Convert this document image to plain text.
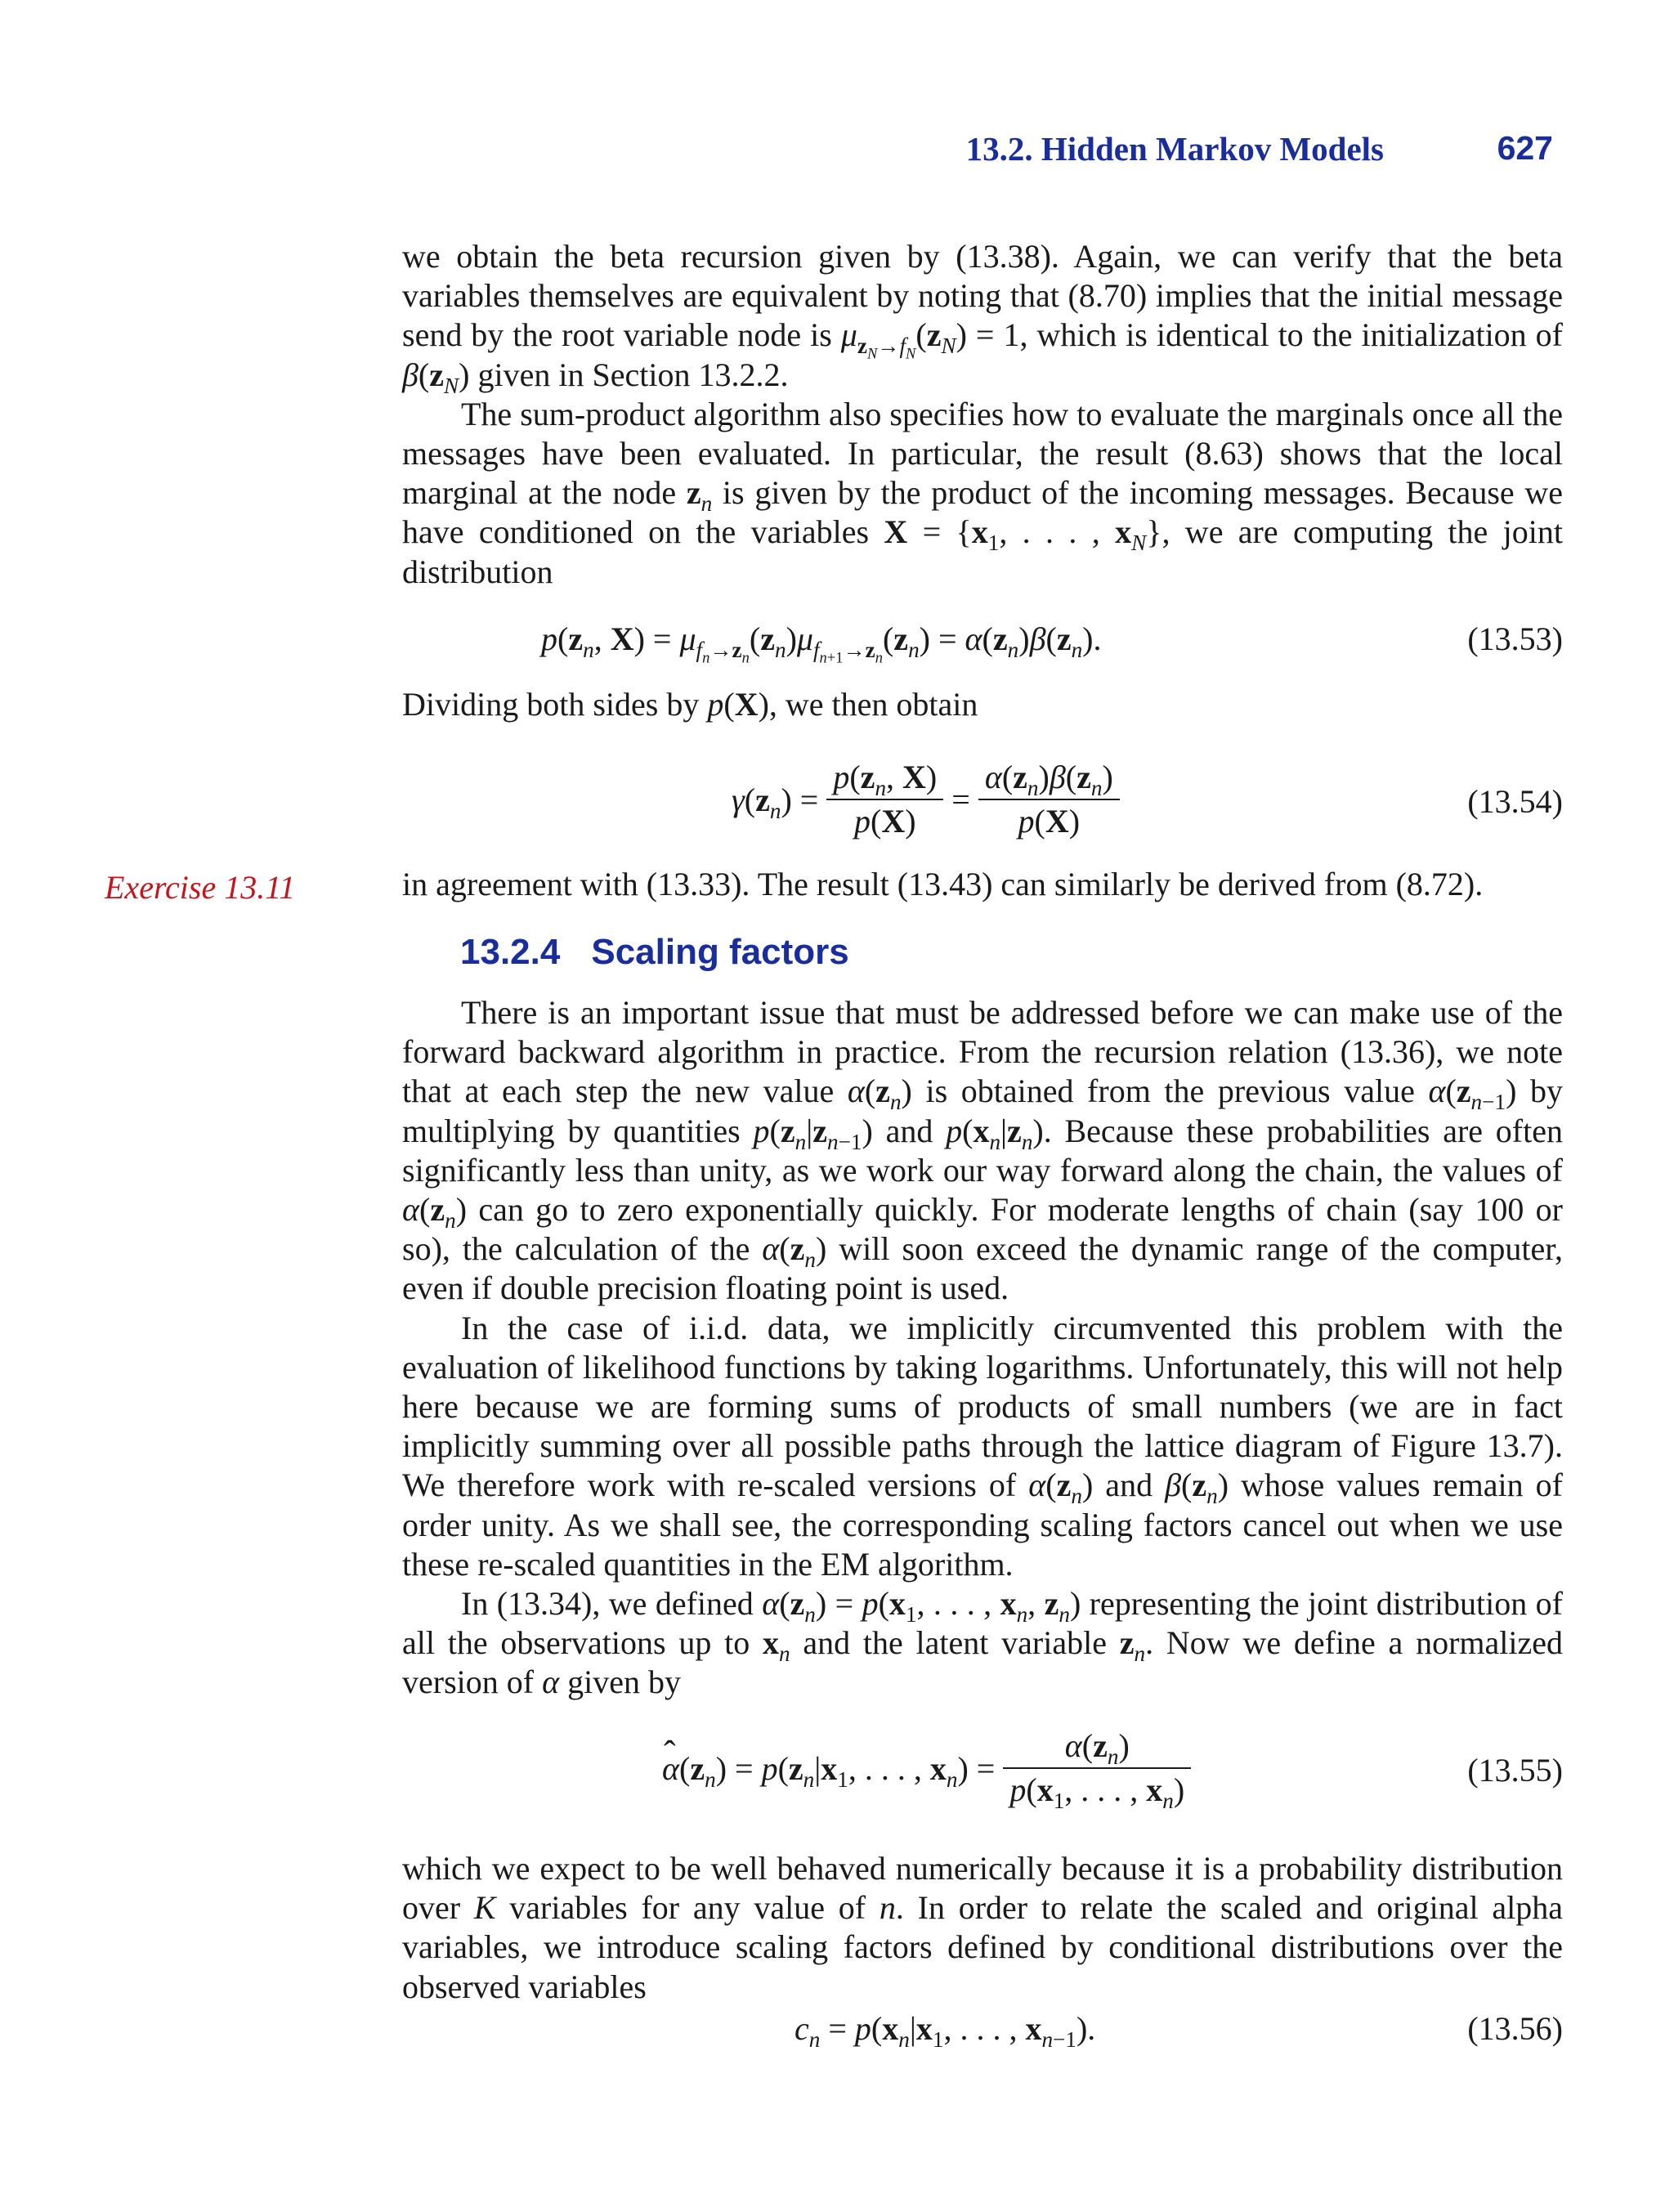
13.2. Hidden Markov Models	627

we obtain the beta recursion given by (13.38). Again, we can verify that the beta variables themselves are equivalent by noting that (8.70) implies that the initial message send by the root variable node is $\mu_{z_N\to f_N}(z_N) = 1$, which is identical to the initialization of $\beta(z_N)$ given in Section 13.2.2.

The sum-product algorithm also specifies how to evaluate the marginals once all the messages have been evaluated. In particular, the result (8.63) shows that the local marginal at the node $z_n$ is given by the product of the incoming messages. Because we have conditioned on the variables $X = \{x_1$, . . . , $x_N$}, we are computing the joint distribution

$p(z_n$, $X) = \mu_{f_n\to z_n}(z_n)\mu_{f_{n+1}\to z_n}(z_n) = \alpha(z_n)\beta(z_n)$.	(13.53)

Dividing both sides by p(X), we then obtain

$\gamma(z_n) = \frac{p(z_n, X)}{p(X)} = \frac{\alpha(z_n)\beta(z_n)}{p(X)}$	(13.54)
Exercise 13.11	in agreement with (13.33). The result (13.43) can similarly be derived from (8.72).

13.2.4 Scaling factors

There is an important issue that must be addressed before we can make use of the forward backward algorithm in practice. From the recursion relation (13.36), we note that at each step the new value $\alpha(z_n)$ is obtained from the previous value $\alpha(z_{n-1})$ by multiplying by quantities $p(z_n|z_{n-1})$ and $p(x_n|z_n)$. Because these probabilities are often significantly less than unity, as we work our way forward along the chain, the values of $\alpha(z_n)$ can go to zero exponentially quickly. For moderate lengths of chain (say 100 or so), the calculation of the $\alpha(z_n)$ will soon exceed the dynamic range of the computer, even if double precision floating point is used.

In the case of i.i.d. data, we implicitly circumvented this problem with the evaluation of likelihood functions by taking logarithms. Unfortunately, this will not help here because we are forming sums of products of small numbers (we are in fact implicitly summing over all possible paths through the lattice diagram of Figure 13.7). We therefore work with re-scaled versions of $\alpha(z_n)$ and $\beta(z_n)$ whose values remain of order unity. As we shall see, the corresponding scaling factors cancel out when we use these re-scaled quantities in the EM algorithm.

In (13.34), we defined $\alpha(z_n) = p(x_1$, . . . , $x_n$, $z_n$) representing the joint distribution of all the observations up to $x_n$ and the latent variable $z_n$. Now we define a normalized version of α given by

ˆ $\alpha(z_n) = p(z_n|x_1$, . . . , $x_n) = \frac{\alpha(z_n)}{p(x_1, . . . , x_n)}$	(13.55)

which we expect to be well behaved numerically because it is a probability distribution over K variables for any value of n. In order to relate the scaled and original alpha variables, we introduce scaling factors defined by conditional distributions over the observed variables

$c_n = p(x_n|x_1$, . . . , $x_{n-1}$).	(13.56)
